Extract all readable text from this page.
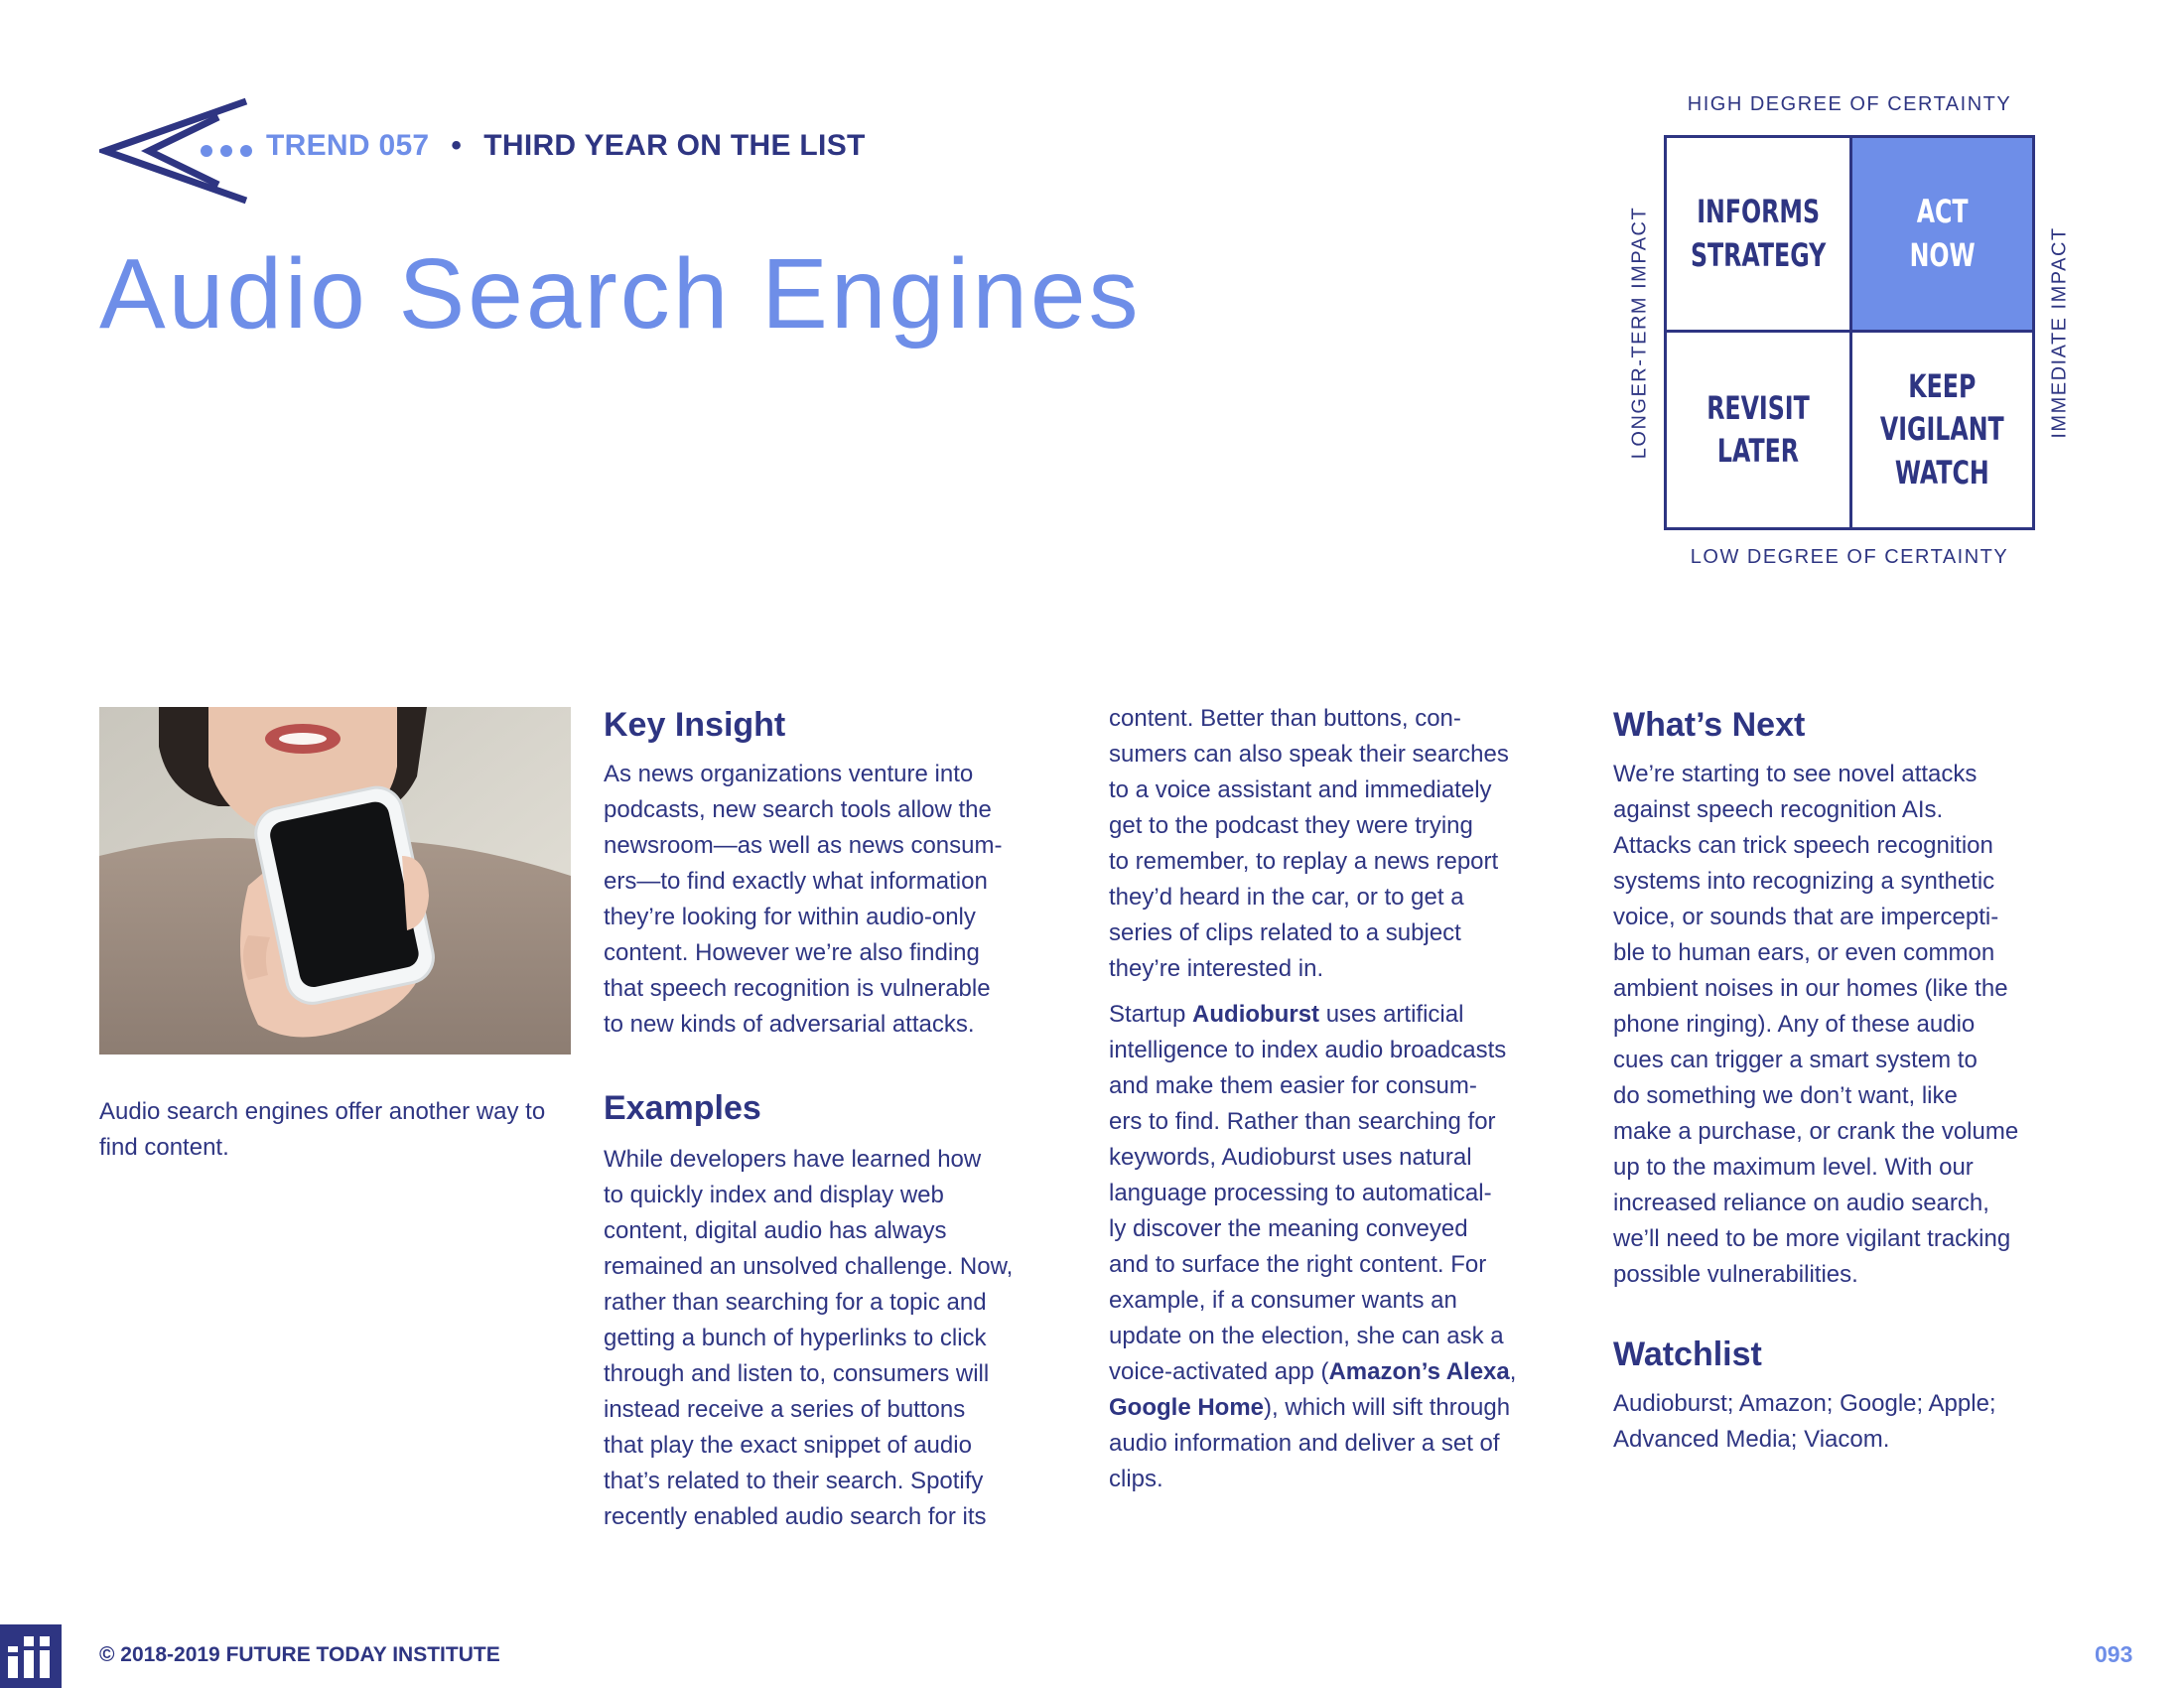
TREND 057 • THIRD YEAR ON THE LIST
Audio Search Engines
HIGH DEGREE OF CERTAINTY
LOW DEGREE OF CERTAINTY
LONGER-TERM IMPACT	IMMEDIATE IMPACT
INFORMS
STRATEGY
ACT
NOW
REVISIT
LATER
KEEP
VIGILANT
WATCH
Audio search engines offer another way to find content.
Key Insight

As news organizations venture into
podcasts, new search tools allow the
newsroom—as well as news consum-
ers—to find exactly what information
they’re looking for within audio-only
content. However we’re also finding
that speech recognition is vulnerable
to new kinds of adversarial attacks.

Examples

While developers have learned how
to quickly index and display web
content, digital audio has always
remained an unsolved challenge. Now,
rather than searching for a topic and
getting a bunch of hyperlinks to click
through and listen to, consumers will
instead receive a series of buttons
that play the exact snippet of audio
that’s related to their search. Spotify
recently enabled audio search for its

content. Better than buttons, con-
sumers can also speak their searches
to a voice assistant and immediately
get to the podcast they were trying
to remember, to replay a news report
they’d heard in the car, or to get a
series of clips related to a subject
they’re interested in.

Startup Audioburst uses artificial
intelligence to index audio broadcasts
and make them easier for consum-
ers to find. Rather than searching for
keywords, Audioburst uses natural
language processing to automatical-
ly discover the meaning conveyed
and to surface the right content. For
example, if a consumer wants an
update on the election, she can ask a
voice-activated app (Amazon’s Alexa,
Google Home), which will sift through
audio information and deliver a set of
clips.

What’s Next

We’re starting to see novel attacks
against speech recognition AIs.
Attacks can trick speech recognition
systems into recognizing a synthetic
voice, or sounds that are impercepti-
ble to human ears, or even common
ambient noises in our homes (like the
phone ringing). Any of these audio
cues can trigger a smart system to
do something we don’t want, like
make a purchase, or crank the volume
up to the maximum level. With our
increased reliance on audio search,
we’ll need to be more vigilant tracking
possible vulnerabilities.

Watchlist

Audioburst; Amazon; Google; Apple;
Advanced Media; Viacom.

© 2018-2019 FUTURE TODAY INSTITUTE	093
